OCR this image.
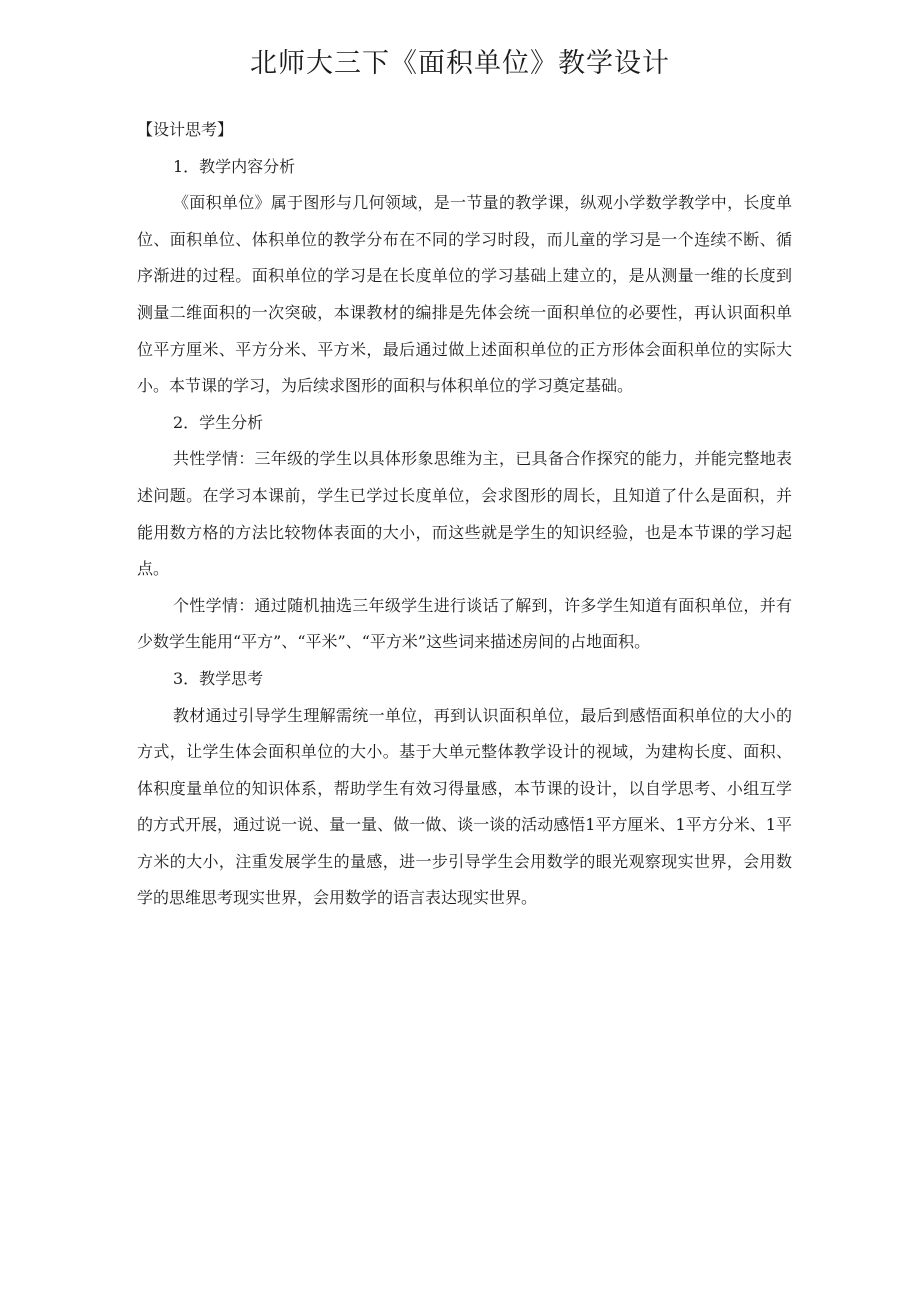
北师大三下《面积单位》教学设计

【设计思考】

1．教学内容分析

《面积单位》属于图形与几何领域，是一节量的教学课，纵观小学数学教学中，长度单位、面积单位、体积单位的教学分布在不同的学习时段，而儿童的学习是一个连续不断、循序渐进的过程。面积单位的学习是在长度单位的学习基础上建立的，是从测量一维的长度到测量二维面积的一次突破，本课教材的编排是先体会统一面积单位的必要性，再认识面积单位平方厘米、平方分米、平方米，最后通过做上述面积单位的正方形体会面积单位的实际大小。本节课的学习，为后续求图形的面积与体积单位的学习奠定基础。

2．学生分析

共性学情：三年级的学生以具体形象思维为主，已具备合作探究的能力，并能完整地表述问题。在学习本课前，学生已学过长度单位，会求图形的周长，且知道了什么是面积，并能用数方格的方法比较物体表面的大小，而这些就是学生的知识经验，也是本节课的学习起点。

个性学情：通过随机抽选三年级学生进行谈话了解到，许多学生知道有面积单位，并有少数学生能用“平方”、“平米”、“平方米”这些词来描述房间的占地面积。

3．教学思考

教材通过引导学生理解需统一单位，再到认识面积单位，最后到感悟面积单位的大小的方式，让学生体会面积单位的大小。基于大单元整体教学设计的视域，为建构长度、面积、体积度量单位的知识体系，帮助学生有效习得量感，本节课的设计，以自学思考、小组互学的方式开展，通过说一说、量一量、做一做、谈一谈的活动感悟1平方厘米、1平方分米、1平方米的大小，注重发展学生的量感，进一步引导学生会用数学的眼光观察现实世界，会用数学的思维思考现实世界，会用数学的语言表达现实世界。
